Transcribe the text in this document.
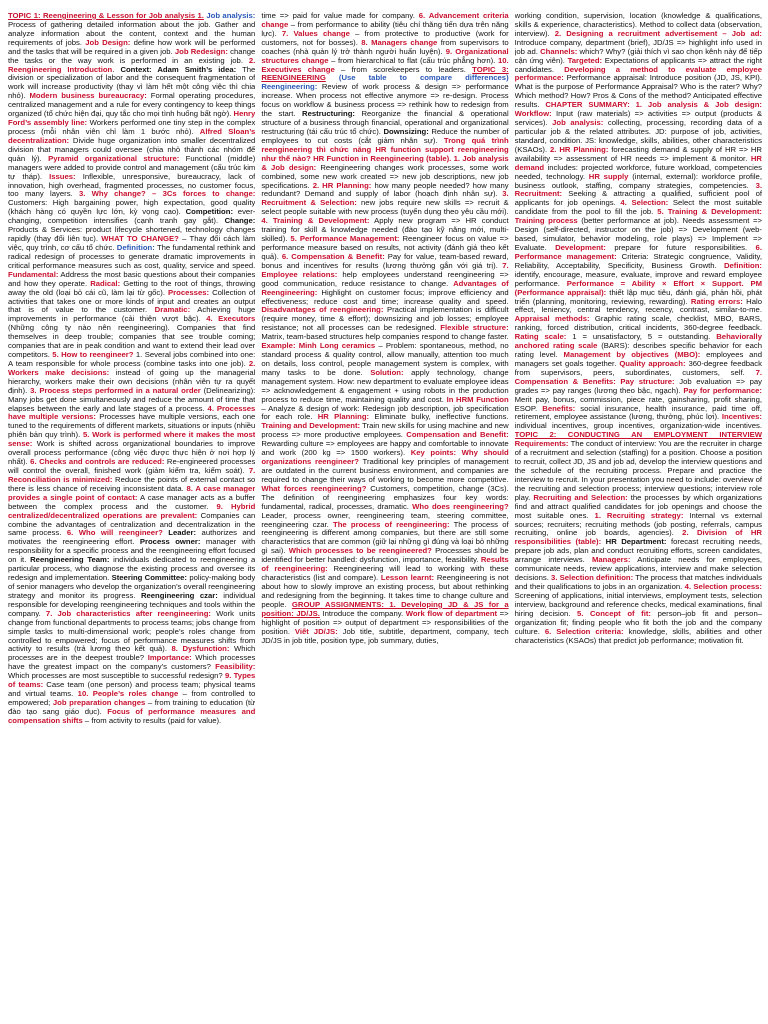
TOPIC 1: Reengineering & Lesson for Job analysis 1. Job analysis: Process of gathering detailed information about the job. Gather and analyze information about the content, context and the human requirements of jobs. Job Design: define how work will be performed and the tasks that will be required in a given job. Job Redesign: change the tasks or the way work is performed in an existing job. 2. Reengineering Introduction. Context: Adam Smith’s idea: The division or specialization of labor and the consequent fragmentation of work will increase productivity (thay vì làm hết một công việc thì chia nhỏ). Modern business bureaucracy: Formal operating procedures, centralized management and a rule for every contingency to keep things organized (tổ chức hiện đại, quy tắc cho mọi tình huống bất ngờ). Henry Ford’s assembly line: Workers performed one tiny step in the complex process (mỗi nhân viên chỉ làm 1 bước nhỏ). Alfred Sloan’s decentralization: Divide huge organization into smaller decentralized division that managers could oversee (chia nhỏ thành các nhóm để quản lý). Pyramid organizational structure: Functional (middle) managers were added to provide control and management (cấu trúc kim tự tháp). Issues: Inflexible, unresponsive, bureaucracy, lack of innovation, high overhead, fragmented processes, no customer focus, too many layers. 3. Why change? – 3Cs forces to change: Customers: High bargaining power, high expectation, good quality (khách hàng có quyền lực lớn, kỳ vọng cao). Competition: ever-changing, competition intensifies (cạnh tranh gay gắt). Change: Products & Services: product lifecycle shortened, technology changes rapidly (thay đổi liên tục). WHAT TO CHANGE? – Thay đổi cách làm việc, quy trình, cơ cấu tổ chức. Definition: The fundamental rethink and radical redesign of processes to generate dramatic improvements in critical performance measures such as cost, quality, service and speed. Fundamental: Address the most basic questions about their companies and how they operate. Radical: Getting to the root of things, throwing away the old (loại bỏ cái cũ, làm lại từ gốc). Processes: Collection of activities that takes one or more kinds of input and creates an output that is of value to the customer. Dramatic: Achieving huge improvements in performance (cải thiện vượt bậc). 4. Executors (Những công ty nào nên reengineering). Companies that find themselves in deep trouble; companies that see trouble coming; companies that are in peak condition and want to extend their lead over competitors. 5. How to reengineer? 1. Several jobs combined into one: A team responsible for whole process (combine tasks into one job). 2. Workers make decisions: instead of going up the managerial hierarchy, workers make their own decisions (nhân viên tự ra quyết định). 3. Process steps performed in a natural order (Delinearizing): Many jobs get done simultaneously and reduce the amount of time that elapses between the early and late stages of a process. 4. Processes have multiple versions: Processes have multiple versions, each one tuned to the requirements of different markets, situations or inputs (nhiều phiên bản quy trình). 5. Work is performed where it makes the most sense: Work is shifted across organizational boundaries to improve overall process performance (công việc được thực hiện ở nơi hợp lý nhất). 6. Checks and controls are reduced: Re-engineered processes will control the overall, finished work (giảm kiểm tra, kiểm soát). 7. Reconciliation is minimized: Reduce the points of external contact so there is less chance of receiving inconsistent data. 8. A case manager provides a single point of contact: A case manager acts as a buffer between the complex process and the customer. 9. Hybrid centralized/decentralized operations are prevalent: Companies can combine the advantages of centralization and decentralization in the same process. 6. Who will reengineer? Leader: authorizes and motivates the reengineering effort. Process owner: manager with responsibility for a specific process and the reengineering effort focused on it. Reengineering Team: individuals dedicated to reengineering a particular process, who diagnose the existing process and oversee its redesign and implementation. Steering Committee: policy-making body of senior managers who develop the organization’s overall reengineering strategy and monitor its progress. Reengineering czar: individual responsible for developing reengineering techniques and tools within the company. 7. Job characteristics after reengineering: Work units change from functional departments to process teams; jobs change from simple tasks to multi-dimensional work; people’s roles change from controlled to empowered; focus of performance measures shifts from activity to results (trả lương theo kết quả). 8. Dysfunction: Which processes are in the deepest trouble? Importance: Which processes have the greatest impact on the company’s customers? Feasibility: Which processes are most susceptible to successful redesign? 9. Types of teams: Case team (one person) and process team; physical teams and virtual teams. 10. People’s roles change – from controlled to empowered; Job preparation changes – from training to education (từ đào tạo sang giáo dục). Focus of performance measures and compensation shifts – from activity to results (paid for value).

time => paid for value made for company. 6. Advancement criteria change – from performance to ability (tiêu chí thăng tiến dựa trên năng lực). 7. Values change – from protective to productive (work for customers, not for bosses). 8. Managers change from supervisors to coaches (nhà quản lý trở thành người huấn luyện). 9. Organizational structures change – from hierarchical to flat (cấu trúc phẳng hơn). 10. Executives change – from scorekeepers to leaders. TOPIC 3: REENGINEERING (Use table to compare differences) Reengineering: Review of work process & design => performance increase. When process not effective anymore => re-design. Process focus on workflow & business process => rethink how to redesign from the start. Restructuring: Reorganize the financial & operational structure of a business through financial, operational and organizational restructuring (tái cấu trúc tổ chức). Downsizing: Reduce the number of employees to cut costs (cắt giảm nhân sự). Trong quá trình reengineering thì chức năng HR function support reengineering như thế nào? HR Function in Reengineering (table). 1. Job analysis & Job design: Reengineering changes work processes, some work combined, some new work created => new job descriptions, new job specifications. 2. HR Planning: how many people needed? how many redundant? Demand and supply of labor (hoạch định nhân sự). 3. Recruitment & Selection: new jobs require new skills => recruit & select people suitable with new process (tuyển dụng theo yêu cầu mới). 4. Training & Development: Apply new program => HR conduct training for skill & knowledge needed (đào tạo kỹ năng mới, multi-skilled). 5. Performance Management: Reengineer focus on value => performance measure based on results, not activity (đánh giá theo kết quả). 6. Compensation & Benefit: Pay for value, team-based reward, bonus and incentives for results (lương thưởng gắn với giá trị). 7. Employee relations: help employees understand reengineering => good communication, reduce resistance to change. Advantages of Reengineering: Highlight on customer focus; improve efficiency and effectiveness; reduce cost and time; increase quality and speed. Disadvantages of reengineering: Practical implementation is difficult (require money, time & effort); downsizing and job losses; employee resistance; not all processes can be redesigned. Flexible structure: Matrix, team-based structures help companies respond to change faster. Example: Minh Long ceramics – Problem: spontaneous, method, no standard process & quality control, allow manually, attention too much on details, loss control, people management system is complex, with many tasks to be done. Solution: apply technology, change management system. How: new department to evaluate employee ideas => acknowledgement & engagement + using robots in the production process to reduce time, maintaining quality and cost. In HRM Function – Analyze & design of work: Redesign job description, job specification for each role. HR Planning: Eliminate bulky, ineffective functions. Training and Development: Train new skills for using machine and new process => more productive employees. Compensation and Benefit: Rewarding culture => employees are happy and comfortable to innovate and work (200 kg => 1500 workers). Key points: Why should organizations reengineer? Traditional key principles of management are outdated in the current business environment, and companies are required to change their ways of working to become more competitive. What forces reengineering? Customers, competition, change (3Cs). The definition of reengineering emphasizes four key words: fundamental, radical, processes, dramatic. Who does reengineering? Leader, process owner, reengineering team, steering committee, reengineering czar. The process of reengineering: The process of reengineering is different among companies, but there are still some characteristics that are common (giữ lại những gì đúng và loại bỏ những gì sai). Which processes to be reengineered? Processes should be identified for better handled: dysfunction, importance, feasibility. Results of reengineering: Reengineering will lead to working with these characteristics (list and compare). Lesson learnt: Reengineering is not about how to slowly improve an existing process, but about rethinking and redesigning from the beginning. It takes time to change culture and people. GROUP ASSIGNMENTS: 1. Developing JD & JS for a position: JD/JS. Introduce the company. Work flow of department => highlight of position => output of department => responsibilities of the position. Viết JD/JS: Job title, subtitle, department, company, tech JD/JS in job title, position type, job summary, duties,

working condition, supervision, location (knowledge & qualifications, skills & experience, characteristics). Method to collect data (observation, interview). 2. Designing a recruitment advertisement – Job ad: Introduce company, department (brief), JD/JS => highlight info used in job ad. Channels: which? Why? (giải thích vì sao chọn kênh này để tiếp cận ứng viên). Targeted: Expectations of applicants => attract the right candidates. Developing a method to evaluate employee performance: Performance appraisal: Introduce position (JD, JS, KPI). What is the purpose of Performance Appraisal? Who is the rater? Why? Which method? How? Pros & Cons of the method? Anticipated effective results. CHAPTER SUMMARY: 1. Job analysis & Job design: Workflow: Input (raw materials) => activities => output (products & services). Job analysis: collecting, processing, recording data of a particular job & the related attributes. JD: purpose of job, activities, standard, condition. JS: knowledge, skills, abilities, other characteristics (KSAOs). 2. HR Planning: forecasting demand & supply of HR => HR availability => assessment of HR needs => implement & monitor. HR demand includes: projected workforce, future workload, competencies needed, technology. HR supply (internal, external): workforce profile, business outlook, staffing, company strategies, competencies. 3. Recruitment: Seeking & attracting a qualified, sufficient pool of applicants for job openings. 4. Selection: Select the most suitable candidate from the pool to fill the job. 5. Training & Development: Training process (better performance at job). Needs assessment => Design (self-directed, instructor on the job) => Development (web-based, simulator, behavior modeling, role plays) => Implement => Evaluate. Development: prepare for future responsibilities. 6. Performance management: Criteria: Strategic congruence, Validity, Reliability, Acceptability, Specificity, Business Growth. Definition: identify, encourage, measure, evaluate, improve and reward employee performance. Performance = Ability × Effort × Support. PM (Performance appraisal): thiết lập mục tiêu, đánh giá, phản hồi, phát triển (planning, monitoring, reviewing, rewarding). Rating errors: Halo effect, leniency, central tendency, recency, contrast, similar-to-me. Appraisal methods: Graphic rating scale, checklist, MBO, BARS, ranking, forced distribution, critical incidents, 360-degree feedback. Rating scale: 1 = unsatisfactory, 5 = outstanding. Behaviorally anchored rating scale (BARS): describes specific behavior for each rating level. Management by objectives (MBO): employees and managers set goals together. Quality approach: 360-degree feedback from supervisors, peers, subordinates, customers, self. 7. Compensation & Benefits: Pay structure: Job evaluation => pay grades => pay ranges (lương theo bậc, ngạch). Pay for performance: Merit pay, bonus, commission, piece rate, gainsharing, profit sharing, ESOP. Benefits: social insurance, health insurance, paid time off, retirement, employee assistance (lương, thưởng, phúc lợi). Incentives: individual incentives, group incentives, organization-wide incentives. TOPIC 2: CONDUCTING AN EMPLOYMENT INTERVIEW Requirements: The conduct of interview: You are the recruiter in charge of a recruitment and selection (staffing) for a position. Choose a position to recruit, collect JD, JS and job ad, develop the interview questions and the schedule of the recruiting process. Prepare and practice the interview to recruit. In your presentation you need to include: overview of the recruiting and selection process; interview questions; interview role play. Recruiting and Selection: the processes by which organizations find and attract qualified candidates for job openings and choose the most suitable ones. 1. Recruiting strategy: Internal vs external sources; recruiters; recruiting methods (job posting, referrals, campus recruiting, online job boards, agencies). 2. Division of HR responsibilities (table): HR Department: forecast recruiting needs, prepare job ads, plan and conduct recruiting efforts, screen candidates, arrange interviews. Managers: Anticipate needs for employees, communicate needs, review applications, interview and make selection decisions. 3. Selection definition: The process that matches individuals and their qualifications to jobs in an organization. 4. Selection process: Screening of applications, initial interviews, employment tests, selection interview, background and reference checks, medical examinations, final hiring decision. 5. Concept of fit: person–job fit and person–organization fit; finding people who fit both the job and the company culture. 6. Selection criteria: knowledge, skills, abilities and other characteristics (KSAOs) that predict job performance; motivation fit.
